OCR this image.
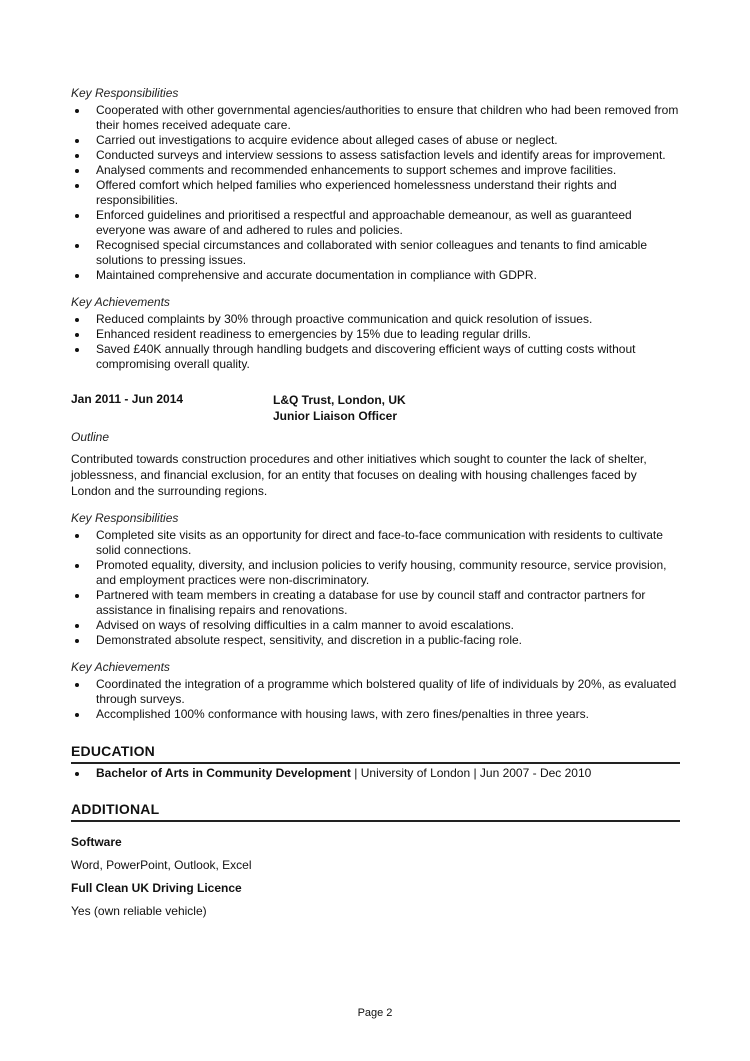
Key Responsibilities

Cooperated with other governmental agencies/authorities to ensure that children who had been removed from their homes received adequate care.
Carried out investigations to acquire evidence about alleged cases of abuse or neglect.
Conducted surveys and interview sessions to assess satisfaction levels and identify areas for improvement.
Analysed comments and recommended enhancements to support schemes and improve facilities.
Offered comfort which helped families who experienced homelessness understand their rights and responsibilities.
Enforced guidelines and prioritised a respectful and approachable demeanour, as well as guaranteed everyone was aware of and adhered to rules and policies.
Recognised special circumstances and collaborated with senior colleagues and tenants to find amicable solutions to pressing issues.
Maintained comprehensive and accurate documentation in compliance with GDPR.

Key Achievements

Reduced complaints by 30% through proactive communication and quick resolution of issues.
Enhanced resident readiness to emergencies by 15% due to leading regular drills.
Saved £40K annually through handling budgets and discovering efficient ways of cutting costs without compromising overall quality.
Jan 2011 - Jun 2014	L&Q Trust, London, UK
Junior Liaison Officer

Outline

Contributed towards construction procedures and other initiatives which sought to counter the lack of shelter, joblessness, and financial exclusion, for an entity that focuses on dealing with housing challenges faced by London and the surrounding regions.

Key Responsibilities

Completed site visits as an opportunity for direct and face-to-face communication with residents to cultivate solid connections.
Promoted equality, diversity, and inclusion policies to verify housing, community resource, service provision, and employment practices were non-discriminatory.
Partnered with team members in creating a database for use by council staff and contractor partners for assistance in finalising repairs and renovations.
Advised on ways of resolving difficulties in a calm manner to avoid escalations.
Demonstrated absolute respect, sensitivity, and discretion in a public-facing role.

Key Achievements

Coordinated the integration of a programme which bolstered quality of life of individuals by 20%, as evaluated through surveys.
Accomplished 100% conformance with housing laws, with zero fines/penalties in three years.
EDUCATION
Bachelor of Arts in Community Development | University of London | Jun 2007 - Dec 2010
ADDITIONAL
Software
Word, PowerPoint, Outlook, Excel
Full Clean UK Driving Licence
Yes (own reliable vehicle)
Page 2
